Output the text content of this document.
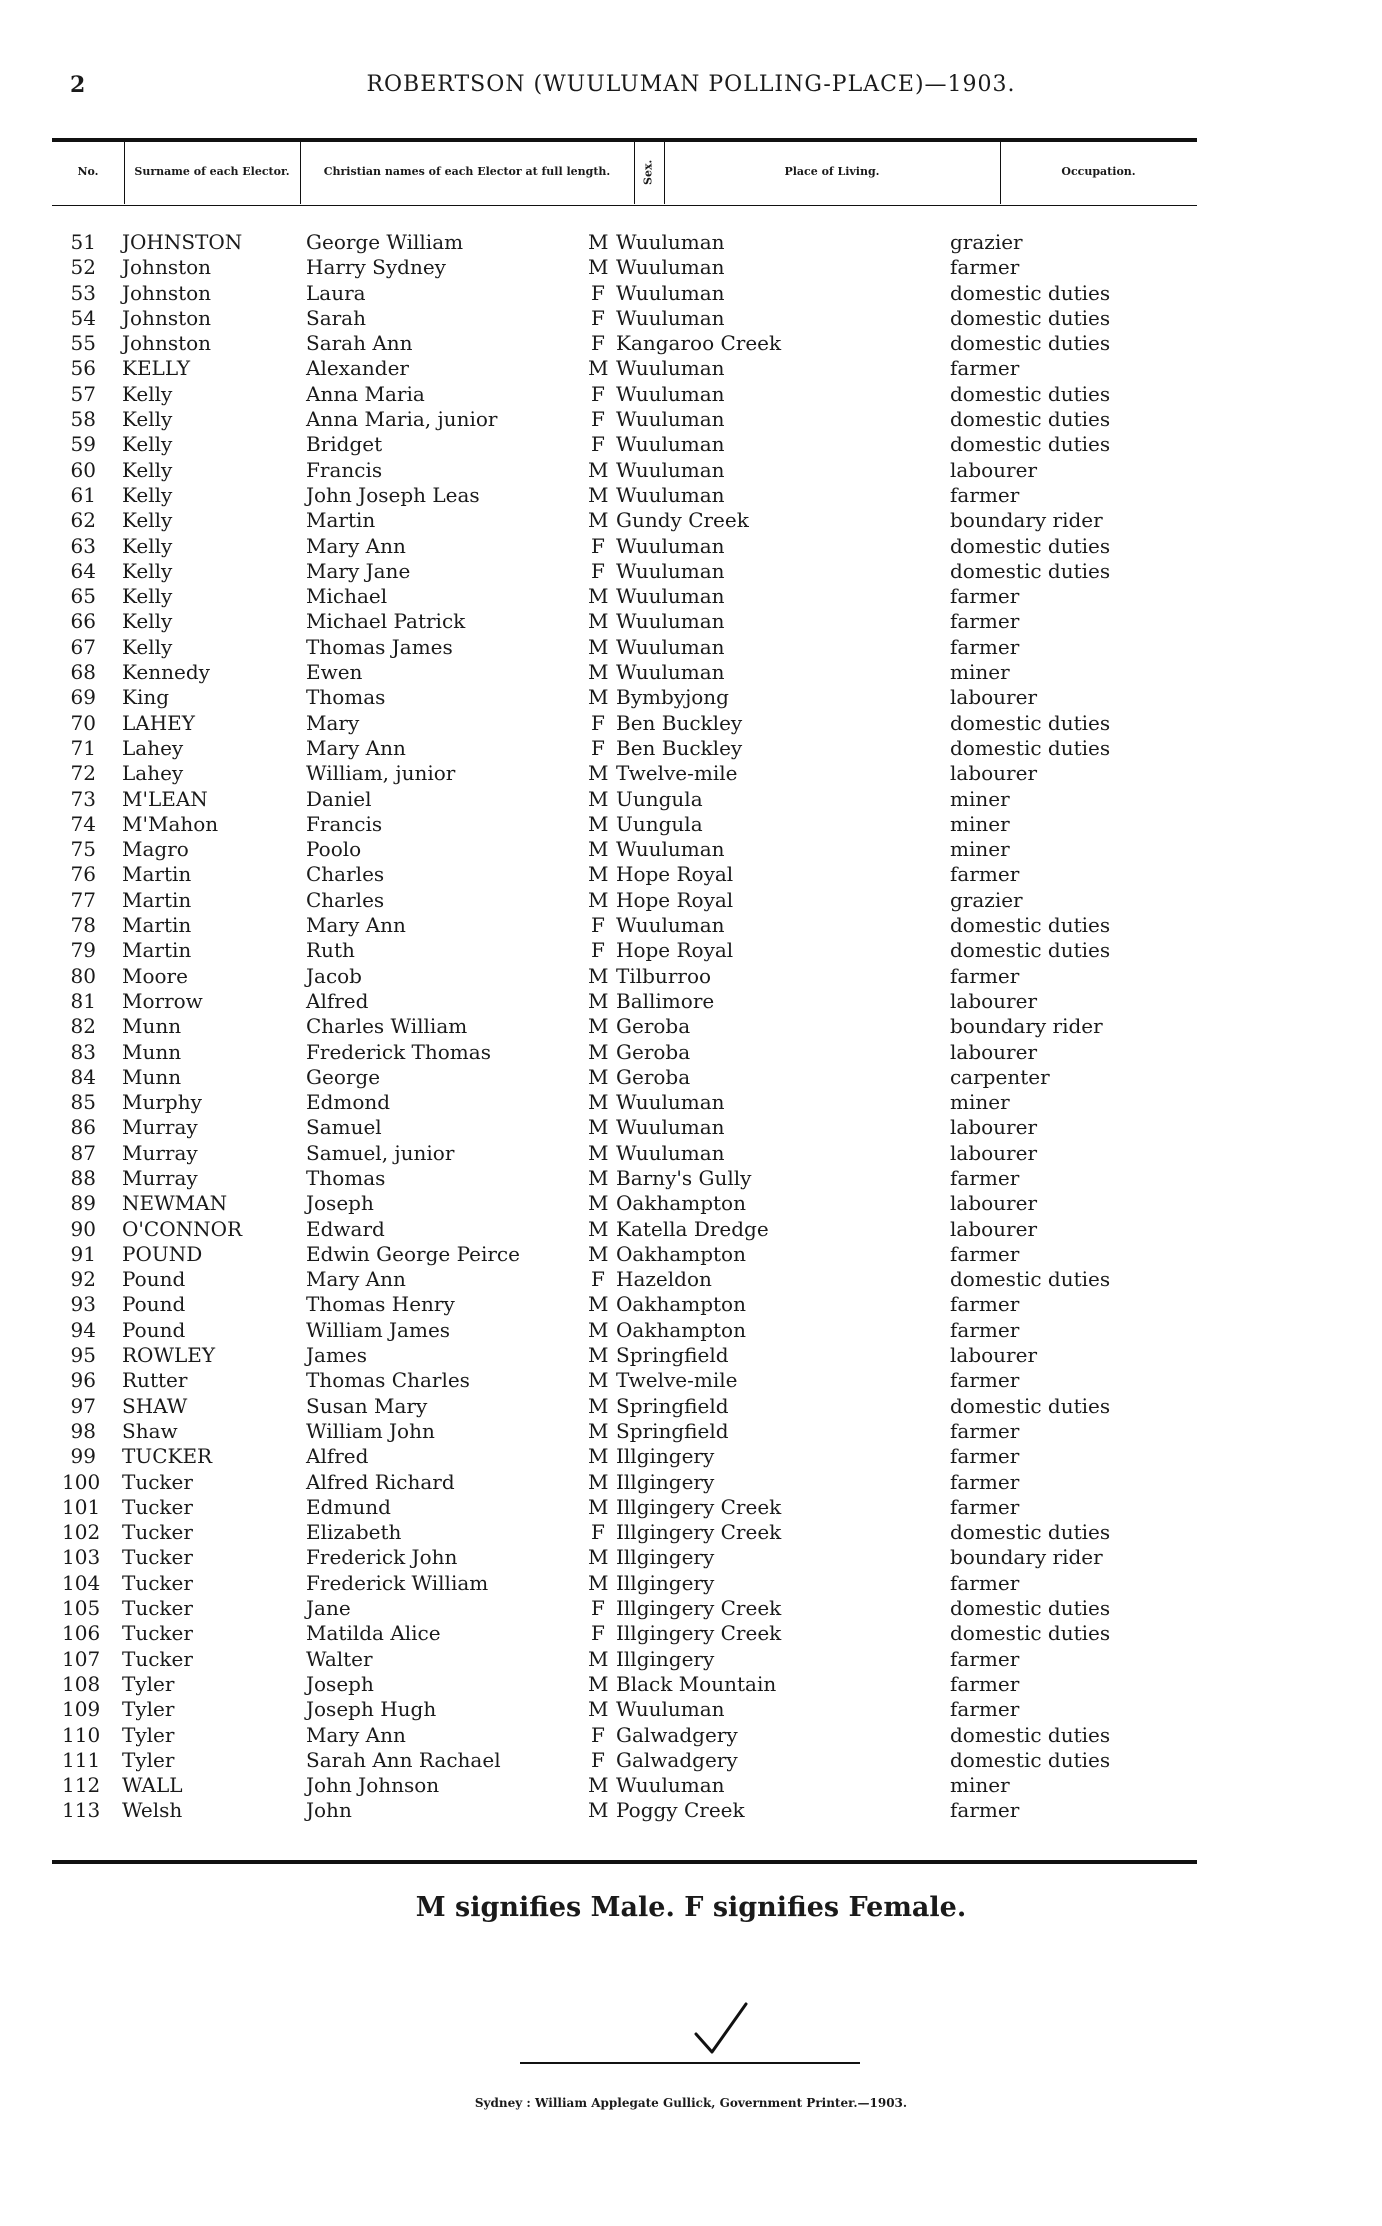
2	ROBERTSON (WUULUMAN POLLING-PLACE)—1903.
No.	Surname of each Elector.	Christian names of each Elector at full length.	Sex.	Place of Living.	Occupation.
51 JOHNSTON	George William	M Wuuluman	grazier
52 Johnston	Harry Sydney	M Wuuluman	farmer
53 Johnston	Laura	F Wuuluman	domestic duties
54 Johnston	Sarah	F Wuuluman	domestic duties
55 Johnston	Sarah Ann	F Kangaroo Creek	domestic duties
56 KELLY	Alexander	M Wuuluman	farmer
57 Kelly	Anna Maria	F Wuuluman	domestic duties
58 Kelly	Anna Maria, junior	F Wuuluman	domestic duties
59 Kelly	Bridget	F Wuuluman	domestic duties
60 Kelly	Francis	M Wuuluman	labourer
61 Kelly	John Joseph Leas	M Wuuluman	farmer
62 Kelly	Martin	M Gundy Creek	boundary rider
63 Kelly	Mary Ann	F Wuuluman	domestic duties
64 Kelly	Mary Jane	F Wuuluman	domestic duties
65 Kelly	Michael	M Wuuluman	farmer
66 Kelly	Michael Patrick	M Wuuluman	farmer
67 Kelly	Thomas James	M Wuuluman	farmer
68 Kennedy	Ewen	M Wuuluman	miner
69 King	Thomas	M Bymbyjong	labourer
70 LAHEY	Mary	F Ben Buckley	domestic duties
71 Lahey	Mary Ann	F Ben Buckley	domestic duties
72 Lahey	William, junior	M Twelve-mile	labourer
73 M'LEAN	Daniel	M Uungula	miner
74 M'Mahon	Francis	M Uungula	miner
75 Magro	Poolo	M Wuuluman	miner
76 Martin	Charles	M Hope Royal	farmer
77 Martin	Charles	M Hope Royal	grazier
78 Martin	Mary Ann	F Wuuluman	domestic duties
79 Martin	Ruth	F Hope Royal	domestic duties
80 Moore	Jacob	M Tilburroo	farmer
81 Morrow	Alfred	M Ballimore	labourer
82 Munn	Charles William	M Geroba	boundary rider
83 Munn	Frederick Thomas	M Geroba	labourer
84 Munn	George	M Geroba	carpenter
85 Murphy	Edmond	M Wuuluman	miner
86 Murray	Samuel	M Wuuluman	labourer
87 Murray	Samuel, junior	M Wuuluman	labourer
88 Murray	Thomas	M Barny's Gully	farmer
89 NEWMAN	Joseph	M Oakhampton	labourer
90 O'CONNOR	Edward	M Katella Dredge	labourer
91 POUND	Edwin George Peirce	M Oakhampton	farmer
92 Pound	Mary Ann	F Hazeldon	domestic duties
93 Pound	Thomas Henry	M Oakhampton	farmer
94 Pound	William James	M Oakhampton	farmer
95 ROWLEY	James	M Springfield	labourer
96 Rutter	Thomas Charles	M Twelve-mile	farmer
97 SHAW	Susan Mary	M Springfield	domestic duties
98 Shaw	William John	M Springfield	farmer
99 TUCKER	Alfred	M Illgingery	farmer
100 Tucker	Alfred Richard	M Illgingery	farmer
101 Tucker	Edmund	M Illgingery Creek	farmer
102 Tucker	Elizabeth	F Illgingery Creek	domestic duties
103 Tucker	Frederick John	M Illgingery	boundary rider
104 Tucker	Frederick William	M Illgingery	farmer
105 Tucker	Jane	F Illgingery Creek	domestic duties
106 Tucker	Matilda Alice	F Illgingery Creek	domestic duties
107 Tucker	Walter	M Illgingery	farmer
108 Tyler	Joseph	M Black Mountain	farmer
109 Tyler	Joseph Hugh	M Wuuluman	farmer
110 Tyler	Mary Ann	F Galwadgery	domestic duties
111 Tyler	Sarah Ann Rachael	F Galwadgery	domestic duties
112 WALL	John Johnson	M Wuuluman	miner
113 Welsh	John	M Poggy Creek	farmer
M signifies Male. F signifies Female.
Sydney : William Applegate Gullick, Government Printer.—1903.
